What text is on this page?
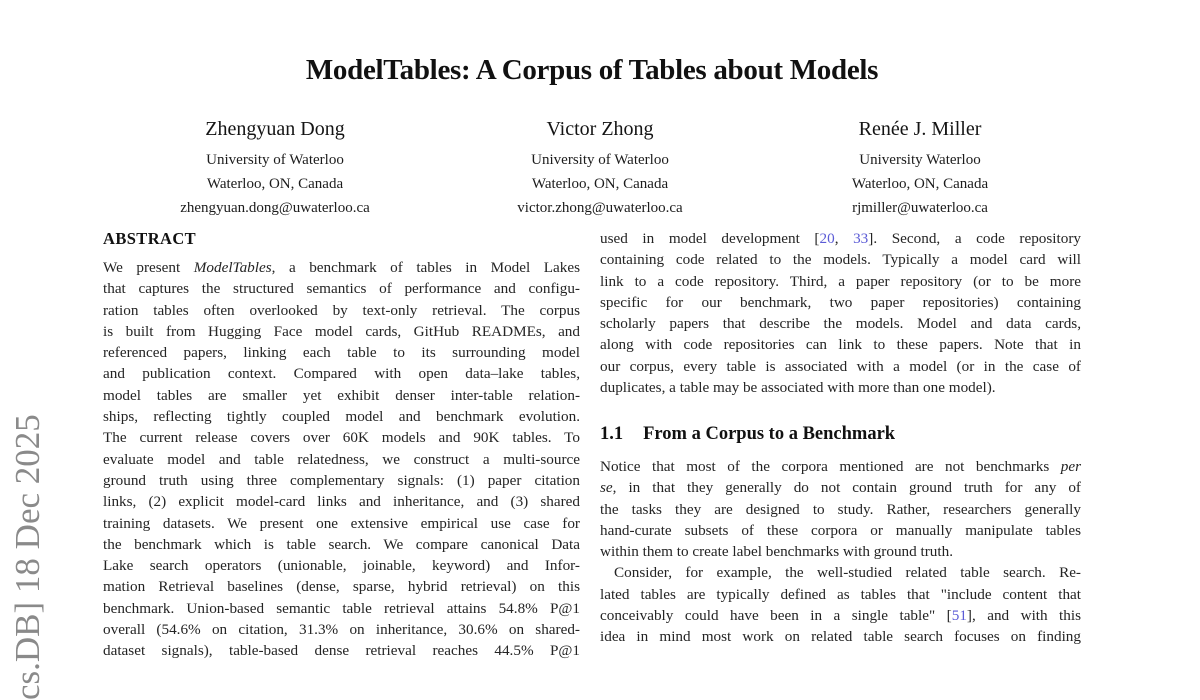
cs.DB] 18 Dec 2025
ModelTables: A Corpus of Tables about Models
Zhengyuan Dong
University of Waterloo
Waterloo, ON, Canada
zhengyuan.dong@uwaterloo.ca
Victor Zhong
University of Waterloo
Waterloo, ON, Canada
victor.zhong@uwaterloo.ca
Renée J. Miller
University Waterloo
Waterloo, ON, Canada
rjmiller@uwaterloo.ca
ABSTRACT
We present ModelTables, a benchmark of tables in Model Lakes
that captures the structured semantics of performance and configu-
ration tables often overlooked by text-only retrieval. The corpus
is built from Hugging Face model cards, GitHub READMEs, and
referenced papers, linking each table to its surrounding model
and publication context. Compared with open data–lake tables,
model tables are smaller yet exhibit denser inter-table relation-
ships, reflecting tightly coupled model and benchmark evolution.
The current release covers over 60K models and 90K tables. To
evaluate model and table relatedness, we construct a multi-source
ground truth using three complementary signals: (1) paper citation
links, (2) explicit model-card links and inheritance, and (3) shared
training datasets. We present one extensive empirical use case for
the benchmark which is table search. We compare canonical Data
Lake search operators (unionable, joinable, keyword) and Infor-
mation Retrieval baselines (dense, sparse, hybrid retrieval) on this
benchmark. Union-based semantic table retrieval attains 54.8% P@1
overall (54.6% on citation, 31.3% on inheritance, 30.6% on shared-
dataset signals), table-based dense retrieval reaches 44.5% P@1
used in model development [20, 33]. Second, a code repository
containing code related to the models. Typically a model card will
link to a code repository. Third, a paper repository (or to be more
specific for our benchmark, two paper repositories) containing
scholarly papers that describe the models. Model and data cards,
along with code repositories can link to these papers. Note that in
our corpus, every table is associated with a model (or in the case of
duplicates, a table may be associated with more than one model).
1.1 From a Corpus to a Benchmark
Notice that most of the corpora mentioned are not benchmarks per
se, in that they generally do not contain ground truth for any of
the tasks they are designed to study. Rather, researchers generally
hand-curate subsets of these corpora or manually manipulate tables
within them to create label benchmarks with ground truth.
Consider, for example, the well-studied related table search. Re-
lated tables are typically defined as tables that "include content that
conceivably could have been in a single table" [51], and with this
idea in mind most work on related table search focuses on finding
